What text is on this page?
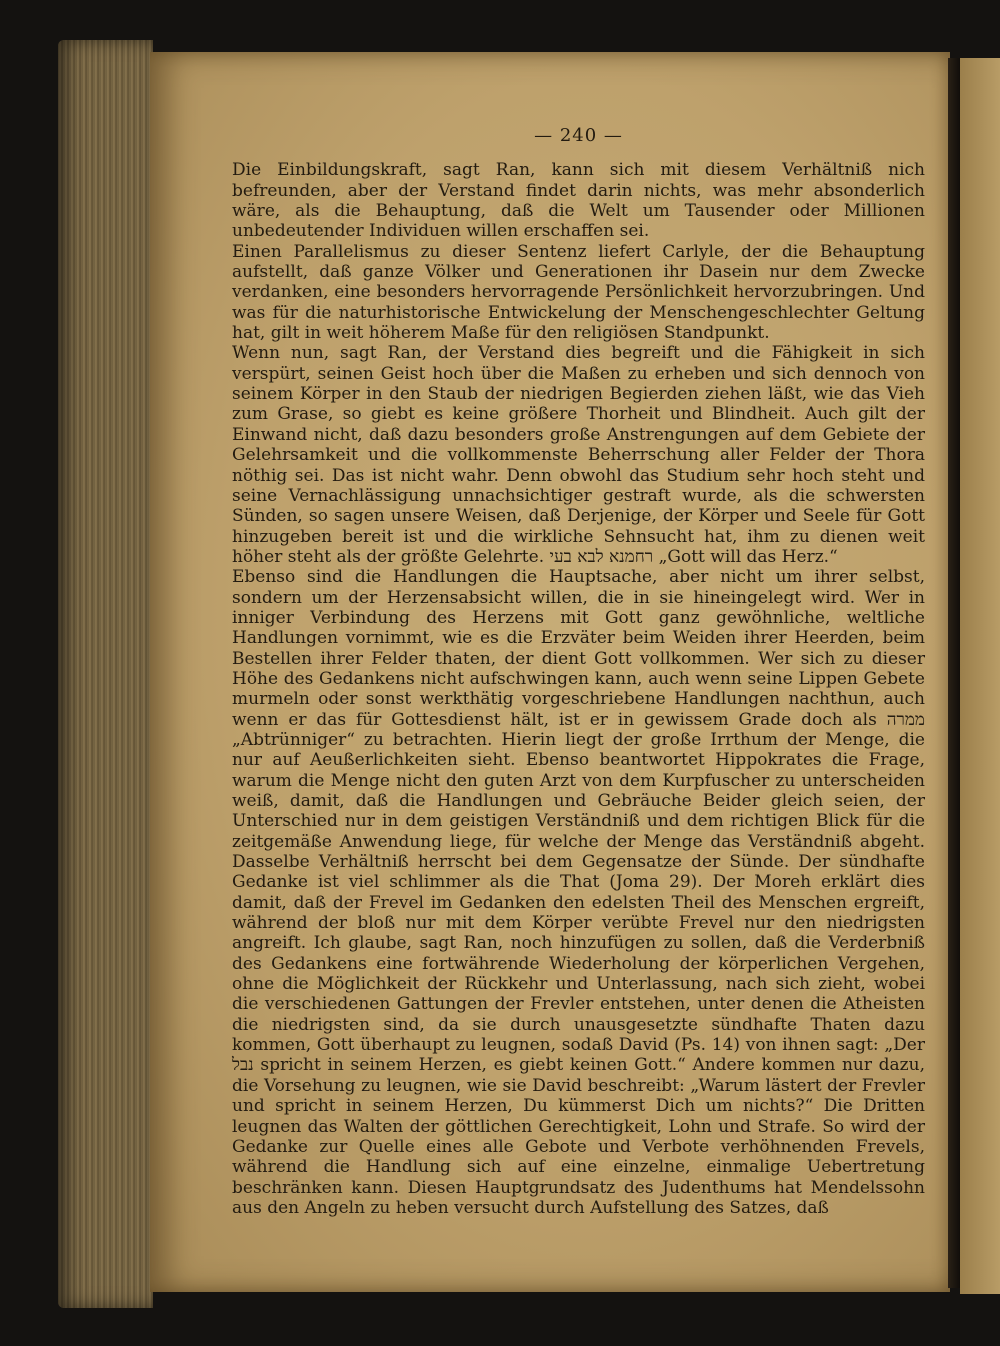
— 240 —

Die Einbildungskraft, sagt Ran, kann sich mit diesem Verhältniß nich befreunden, aber der Verstand findet darin nichts, was mehr absonderlich wäre, als die Behauptung, daß die Welt um Tausender oder Millionen unbedeutender Individuen willen erschaffen sei.

Einen Parallelismus zu dieser Sentenz liefert Carlyle, der die Behauptung aufstellt, daß ganze Völker und Generationen ihr Dasein nur dem Zwecke verdanken, eine besonders hervorragende Persönlichkeit hervorzubringen. Und was für die naturhistorische Entwickelung der Menschengeschlechter Geltung hat, gilt in weit höherem Maße für den religiösen Standpunkt.

Wenn nun, sagt Ran, der Verstand dies begreift und die Fähigkeit in sich verspürt, seinen Geist hoch über die Maßen zu erheben und sich dennoch von seinem Körper in den Staub der niedrigen Begierden ziehen läßt, wie das Vieh zum Grase, so giebt es keine größere Thorheit und Blindheit. Auch gilt der Einwand nicht, daß dazu besonders große Anstrengungen auf dem Gebiete der Gelehrsamkeit und die vollkommenste Beherrschung aller Felder der Thora nöthig sei. Das ist nicht wahr. Denn obwohl das Studium sehr hoch steht und seine Vernachlässigung unnachsichtiger gestraft wurde, als die schwersten Sünden, so sagen unsere Weisen, daß Derjenige, der Körper und Seele für Gott hinzugeben bereit ist und die wirkliche Sehnsucht hat, ihm zu dienen weit höher steht als der größte Gelehrte. רחמנא לבא בעי „Gott will das Herz.“

Ebenso sind die Handlungen die Hauptsache, aber nicht um ihrer selbst, sondern um der Herzensabsicht willen, die in sie hineingelegt wird. Wer in inniger Verbindung des Herzens mit Gott ganz gewöhnliche, weltliche Handlungen vornimmt, wie es die Erzväter beim Weiden ihrer Heerden, beim Bestellen ihrer Felder thaten, der dient Gott vollkommen. Wer sich zu dieser Höhe des Gedankens nicht aufschwingen kann, auch wenn seine Lippen Gebete murmeln oder sonst werkthätig vorgeschriebene Handlungen nachthun, auch wenn er das für Gottesdienst hält, ist er in gewissem Grade doch als ממרה „Abtrünniger“ zu betrachten. Hierin liegt der große Irrthum der Menge, die nur auf Aeußerlichkeiten sieht. Ebenso beantwortet Hippokrates die Frage, warum die Menge nicht den guten Arzt von dem Kurpfuscher zu unterscheiden weiß, damit, daß die Handlungen und Gebräuche Beider gleich seien, der Unterschied nur in dem geistigen Verständniß und dem richtigen Blick für die zeitgemäße Anwendung liege, für welche der Menge das Verständniß abgeht. Dasselbe Verhältniß herrscht bei dem Gegensatze der Sünde. Der sündhafte Gedanke ist viel schlimmer als die That (Joma 29). Der Moreh erklärt dies damit, daß der Frevel im Gedanken den edelsten Theil des Menschen ergreift, während der bloß nur mit dem Körper verübte Frevel nur den niedrigsten angreift. Ich glaube, sagt Ran, noch hinzufügen zu sollen, daß die Verderbniß des Gedankens eine fortwährende Wiederholung der körperlichen Vergehen, ohne die Möglichkeit der Rückkehr und Unterlassung, nach sich zieht, wobei die verschiedenen Gattungen der Frevler entstehen, unter denen die Atheisten die niedrigsten sind, da sie durch unausgesetzte sündhafte Thaten dazu kommen, Gott überhaupt zu leugnen, sodaß David (Ps. 14) von ihnen sagt: „Der נבל spricht in seinem Herzen, es giebt keinen Gott.“ Andere kommen nur dazu, die Vorsehung zu leugnen, wie sie David beschreibt: „Warum lästert der Frevler und spricht in seinem Herzen, Du kümmerst Dich um nichts?“ Die Dritten leugnen das Walten der göttlichen Gerechtigkeit, Lohn und Strafe. So wird der Gedanke zur Quelle eines alle Gebote und Verbote verhöhnenden Frevels, während die Handlung sich auf eine einzelne, einmalige Uebertretung beschränken kann. Diesen Hauptgrundsatz des Judenthums hat Mendelssohn aus den Angeln zu heben versucht durch Aufstellung des Satzes, daß
